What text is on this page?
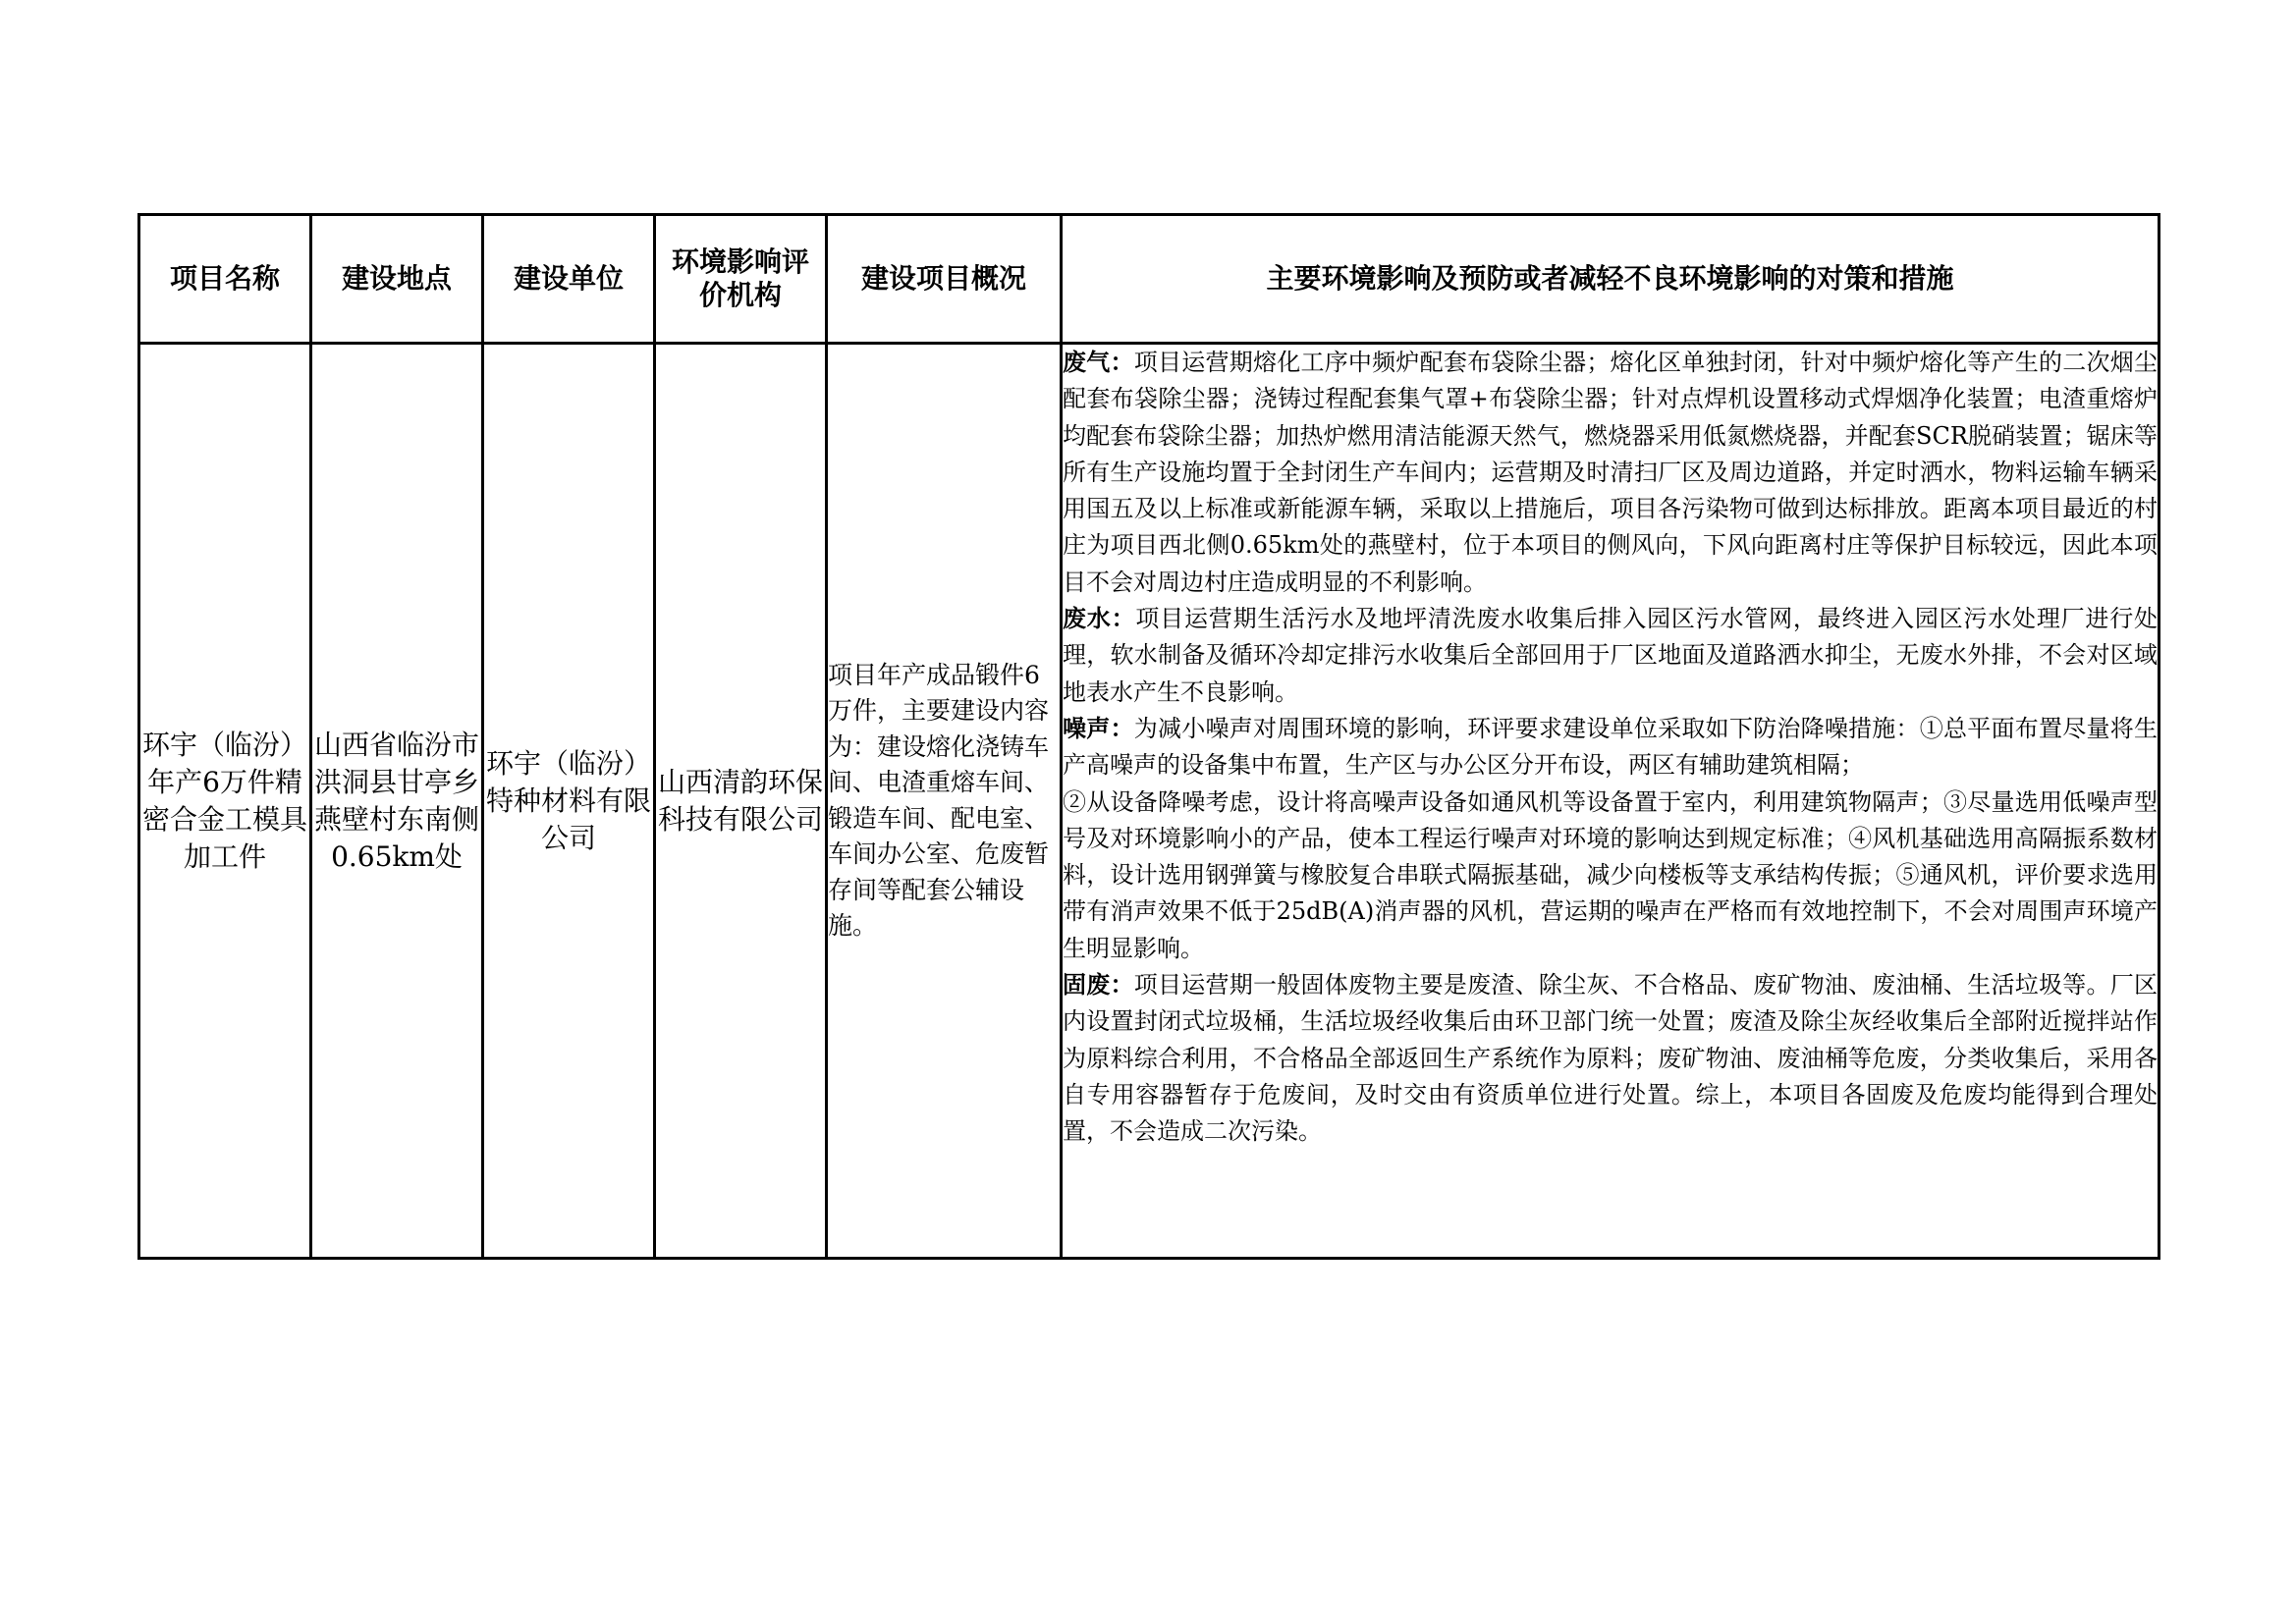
项目名称	建设地点	建设单位	环境影响评价机构	建设项目概况	主要环境影响及预防或者减轻不良环境影响的对策和措施
环宇（临汾）年产6万件精密合金工模具加工件	山西省临汾市洪洞县甘亭乡燕壁村东南侧0.65km处	环宇（临汾）特种材料有限公司	山西清韵环保科技有限公司	项目年产成品锻件6万件，主要建设内容为：建设熔化浇铸车间、电渣重熔车间、锻造车间、配电室、车间办公室、危废暂存间等配套公辅设施。	废气：项目运营期熔化工序中频炉配套布袋除尘器；熔化区单独封闭，针对中频炉熔化等产生的二次烟尘配套布袋除尘器；浇铸过程配套集气罩+布袋除尘器；针对点焊机设置移动式焊烟净化装置；电渣重熔炉均配套布袋除尘器；加热炉燃用清洁能源天然气，燃烧器采用低氮燃烧器，并配套SCR脱硝装置；锯床等所有生产设施均置于全封闭生产车间内；运营期及时清扫厂区及周边道路，并定时洒水，物料运输车辆采用国五及以上标准或新能源车辆，采取以上措施后，项目各污染物可做到达标排放。距离本项目最近的村庄为项目西北侧0.65km处的燕壁村，位于本项目的侧风向，下风向距离村庄等保护目标较远，因此本项目不会对周边村庄造成明显的不利影响。
废水：项目运营期生活污水及地坪清洗废水收集后排入园区污水管网，最终进入园区污水处理厂进行处理，软水制备及循环冷却定排污水收集后全部回用于厂区地面及道路洒水抑尘，无废水外排，不会对区域地表水产生不良影响。
噪声：为减小噪声对周围环境的影响，环评要求建设单位采取如下防治降噪措施：①总平面布置尽量将生产高噪声的设备集中布置，生产区与办公区分开布设，两区有辅助建筑相隔；
②从设备降噪考虑，设计将高噪声设备如通风机等设备置于室内，利用建筑物隔声；③尽量选用低噪声型号及对环境影响小的产品，使本工程运行噪声对环境的影响达到规定标准；④风机基础选用高隔振系数材料，设计选用钢弹簧与橡胶复合串联式隔振基础，减少向楼板等支承结构传振；⑤通风机，评价要求选用带有消声效果不低于25dB(A)消声器的风机，营运期的噪声在严格而有效地控制下，不会对周围声环境产生明显影响。
固废：项目运营期一般固体废物主要是废渣、除尘灰、不合格品、废矿物油、废油桶、生活垃圾等。厂区内设置封闭式垃圾桶，生活垃圾经收集后由环卫部门统一处置；废渣及除尘灰经收集后全部附近搅拌站作为原料综合利用，不合格品全部返回生产系统作为原料；废矿物油、废油桶等危废，分类收集后，采用各自专用容器暂存于危废间，及时交由有资质单位进行处置。综上，本项目各固废及危废均能得到合理处置，不会造成二次污染。
